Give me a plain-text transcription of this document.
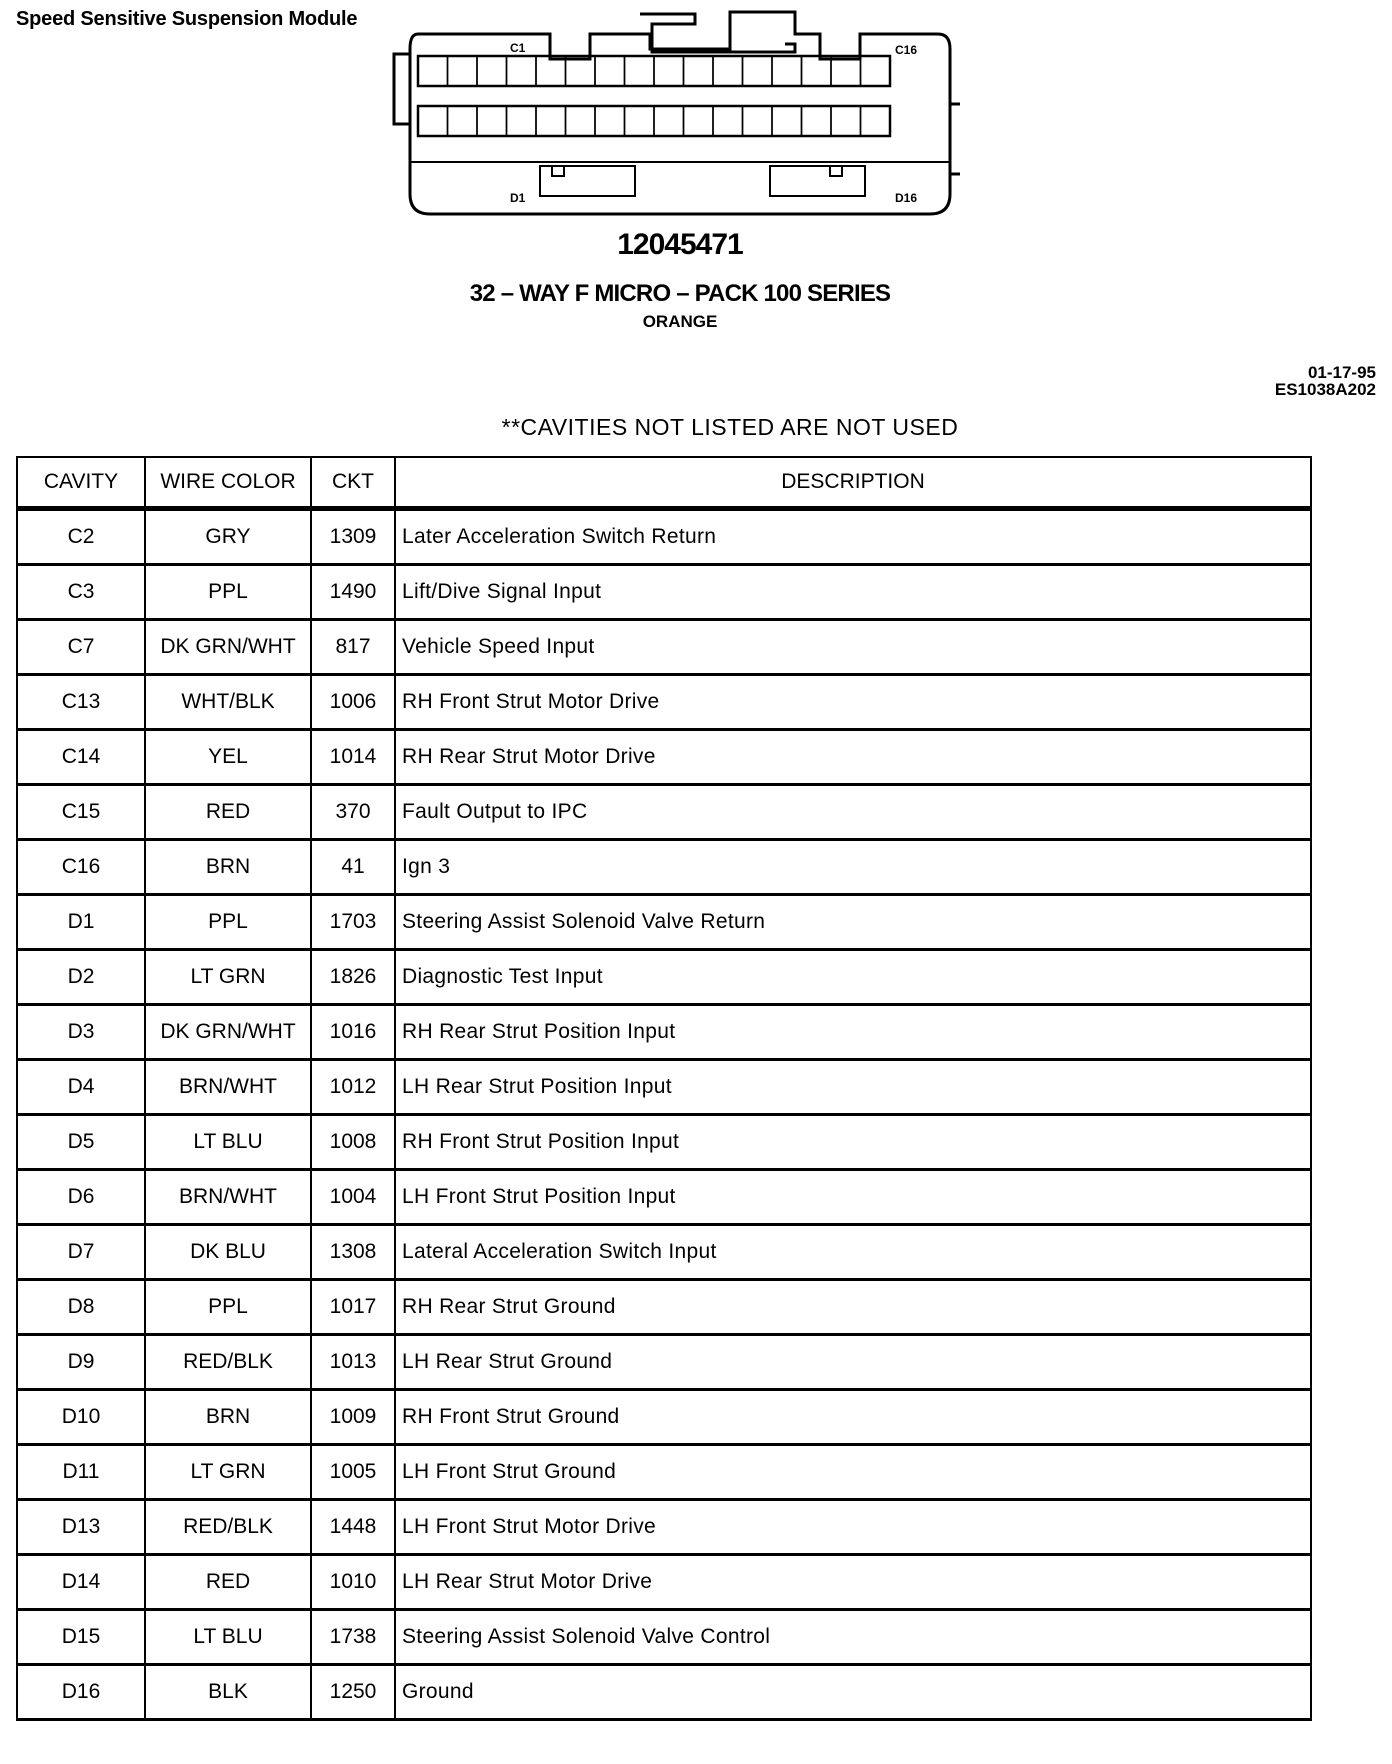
Speed Sensitive Suspension Module
C1	C16
D1	D16
12045471
32 – WAY F MICRO – PACK 100 SERIES
ORANGE
01-17-95
ES1038A202
**CAVITIES NOT LISTED ARE NOT USED
CAVITY	WIRE COLOR	CKT	DESCRIPTION
C2	GRY	1309	Later Acceleration Switch Return
C3	PPL	1490	Lift/Dive Signal Input
C7	DK GRN/WHT	817	Vehicle Speed Input
C13	WHT/BLK	1006	RH Front Strut Motor Drive
C14	YEL	1014	RH Rear Strut Motor Drive
C15	RED	370	Fault Output to IPC
C16	BRN	41	Ign 3
D1	PPL	1703	Steering Assist Solenoid Valve Return
D2	LT GRN	1826	Diagnostic Test Input
D3	DK GRN/WHT	1016	RH Rear Strut Position Input
D4	BRN/WHT	1012	LH Rear Strut Position Input
D5	LT BLU	1008	RH Front Strut Position Input
D6	BRN/WHT	1004	LH Front Strut Position Input
D7	DK BLU	1308	Lateral Acceleration Switch Input
D8	PPL	1017	RH Rear Strut Ground
D9	RED/BLK	1013	LH Rear Strut Ground
D10	BRN	1009	RH Front Strut Ground
D11	LT GRN	1005	LH Front Strut Ground
D13	RED/BLK	1448	LH Front Strut Motor Drive
D14	RED	1010	LH Rear Strut Motor Drive
D15	LT BLU	1738	Steering Assist Solenoid Valve Control
D16	BLK	1250	Ground
